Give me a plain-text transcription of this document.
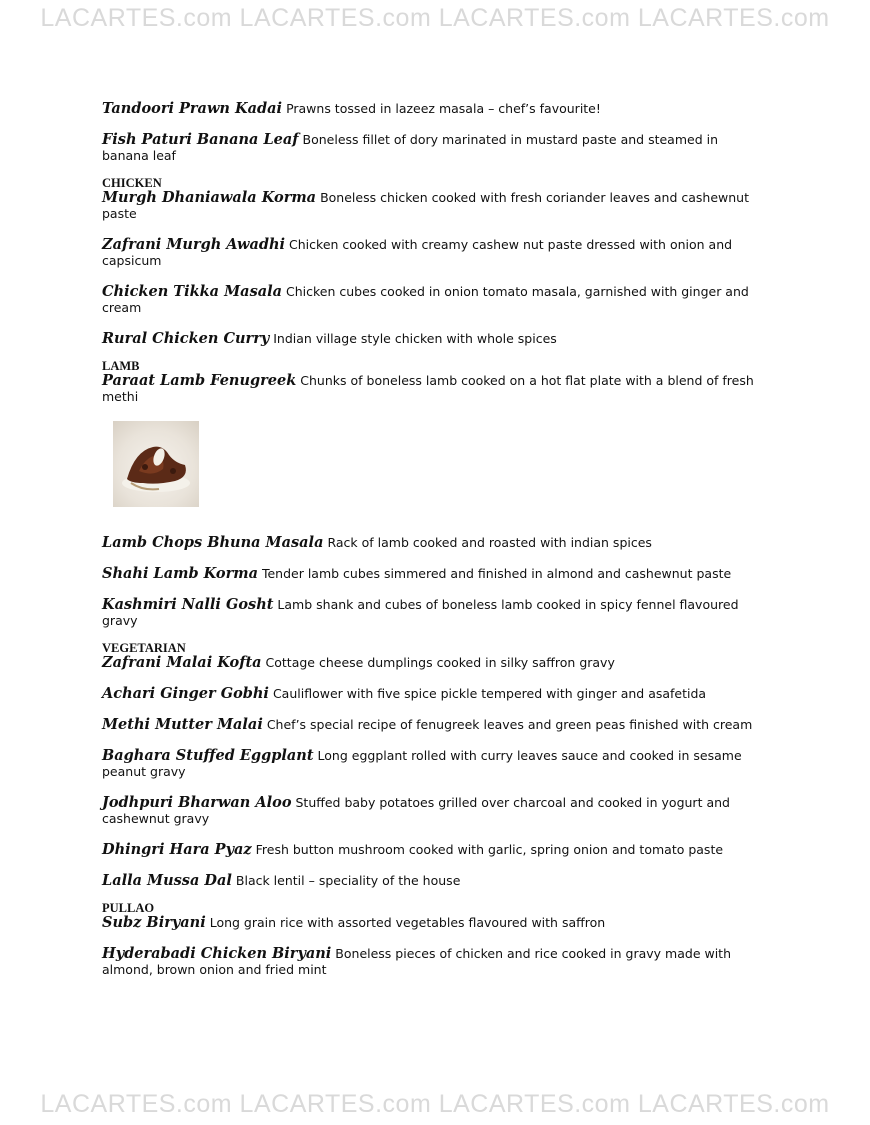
LACARTES.com LACARTES.com LACARTES.com LACARTES.com
Tandoori Prawn Kadai Prawns tossed in lazeez masala – chef’s favourite!
Fish Paturi Banana Leaf Boneless fillet of dory marinated in mustard paste and steamed in banana leaf
CHICKEN
Murgh Dhaniawala Korma Boneless chicken cooked with fresh coriander leaves and cashewnut paste
Zafrani Murgh Awadhi Chicken cooked with creamy cashew nut paste dressed with onion and capsicum
Chicken Tikka Masala Chicken cubes cooked in onion tomato masala, garnished with ginger and cream
Rural Chicken Curry Indian village style chicken with whole spices
LAMB
Paraat Lamb Fenugreek Chunks of boneless lamb cooked on a hot flat plate with a blend of fresh methi
Lamb Chops Bhuna Masala Rack of lamb cooked and roasted with indian spices
Shahi Lamb Korma Tender lamb cubes simmered and finished in almond and cashewnut paste
Kashmiri Nalli Gosht Lamb shank and cubes of boneless lamb cooked in spicy fennel flavoured gravy
VEGETARIAN
Zafrani Malai Kofta Cottage cheese dumplings cooked in silky saffron gravy
Achari Ginger Gobhi Cauliflower with five spice pickle tempered with ginger and asafetida
Methi Mutter Malai Chef’s special recipe of fenugreek leaves and green peas finished with cream
Baghara Stuffed Eggplant Long eggplant rolled with curry leaves sauce and cooked in sesame peanut gravy
Jodhpuri Bharwan Aloo Stuffed baby potatoes grilled over charcoal and cooked in yogurt and cashewnut gravy
Dhingri Hara Pyaz Fresh button mushroom cooked with garlic, spring onion and tomato paste
Lalla Mussa Dal Black lentil – speciality of the house
PULLAO
Subz Biryani Long grain rice with assorted vegetables flavoured with saffron
Hyderabadi Chicken Biryani Boneless pieces of chicken and rice cooked in gravy made with almond, brown onion and fried mint
LACARTES.com LACARTES.com LACARTES.com LACARTES.com
